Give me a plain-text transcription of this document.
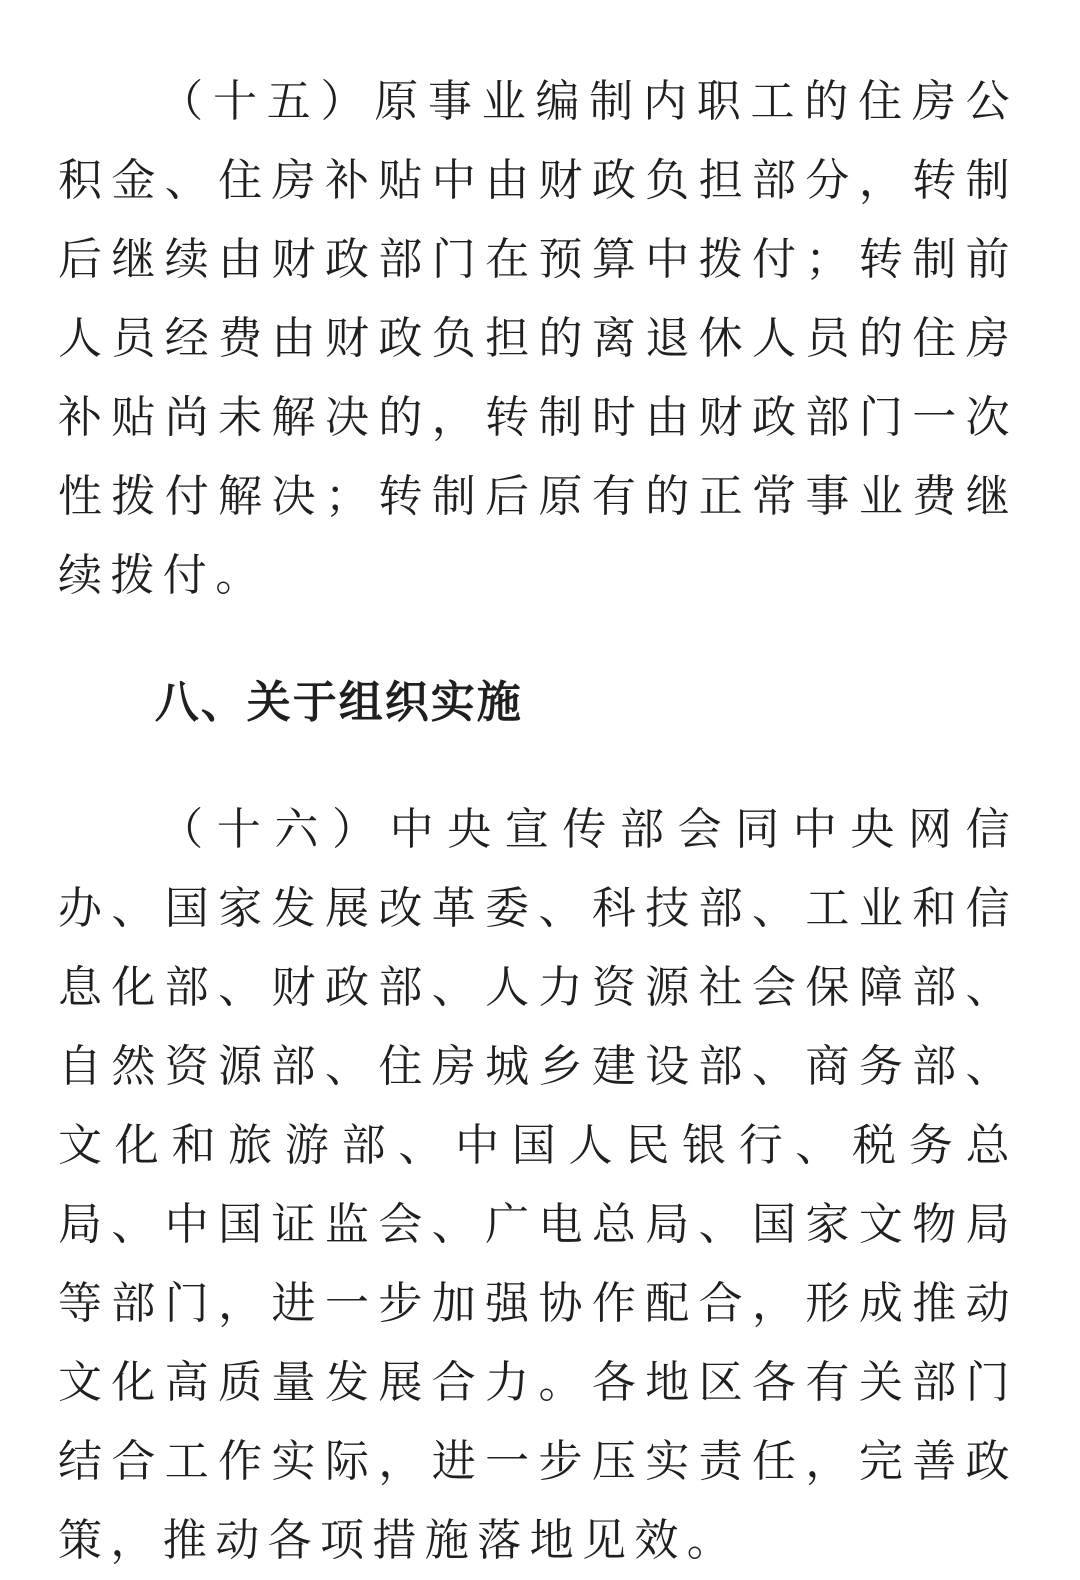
（十五）原事业编制内职工的住房公积金、住房补贴中由财政负担部分，转制后继续由财政部门在预算中拨付；转制前人员经费由财政负担的离退休人员的住房补贴尚未解决的，转制时由财政部门一次性拨付解决；转制后原有的正常事业费继续拨付。

八、关于组织实施

（十六）中央宣传部会同中央网信办、国家发展改革委、科技部、工业和信息化部、财政部、人力资源社会保障部、自然资源部、住房城乡建设部、商务部、文化和旅游部、中国人民银行、税务总局、中国证监会、广电总局、国家文物局等部门，进一步加强协作配合，形成推动文化高质量发展合力。各地区各有关部门结合工作实际，进一步压实责任，完善政策，推动各项措施落地见效。
